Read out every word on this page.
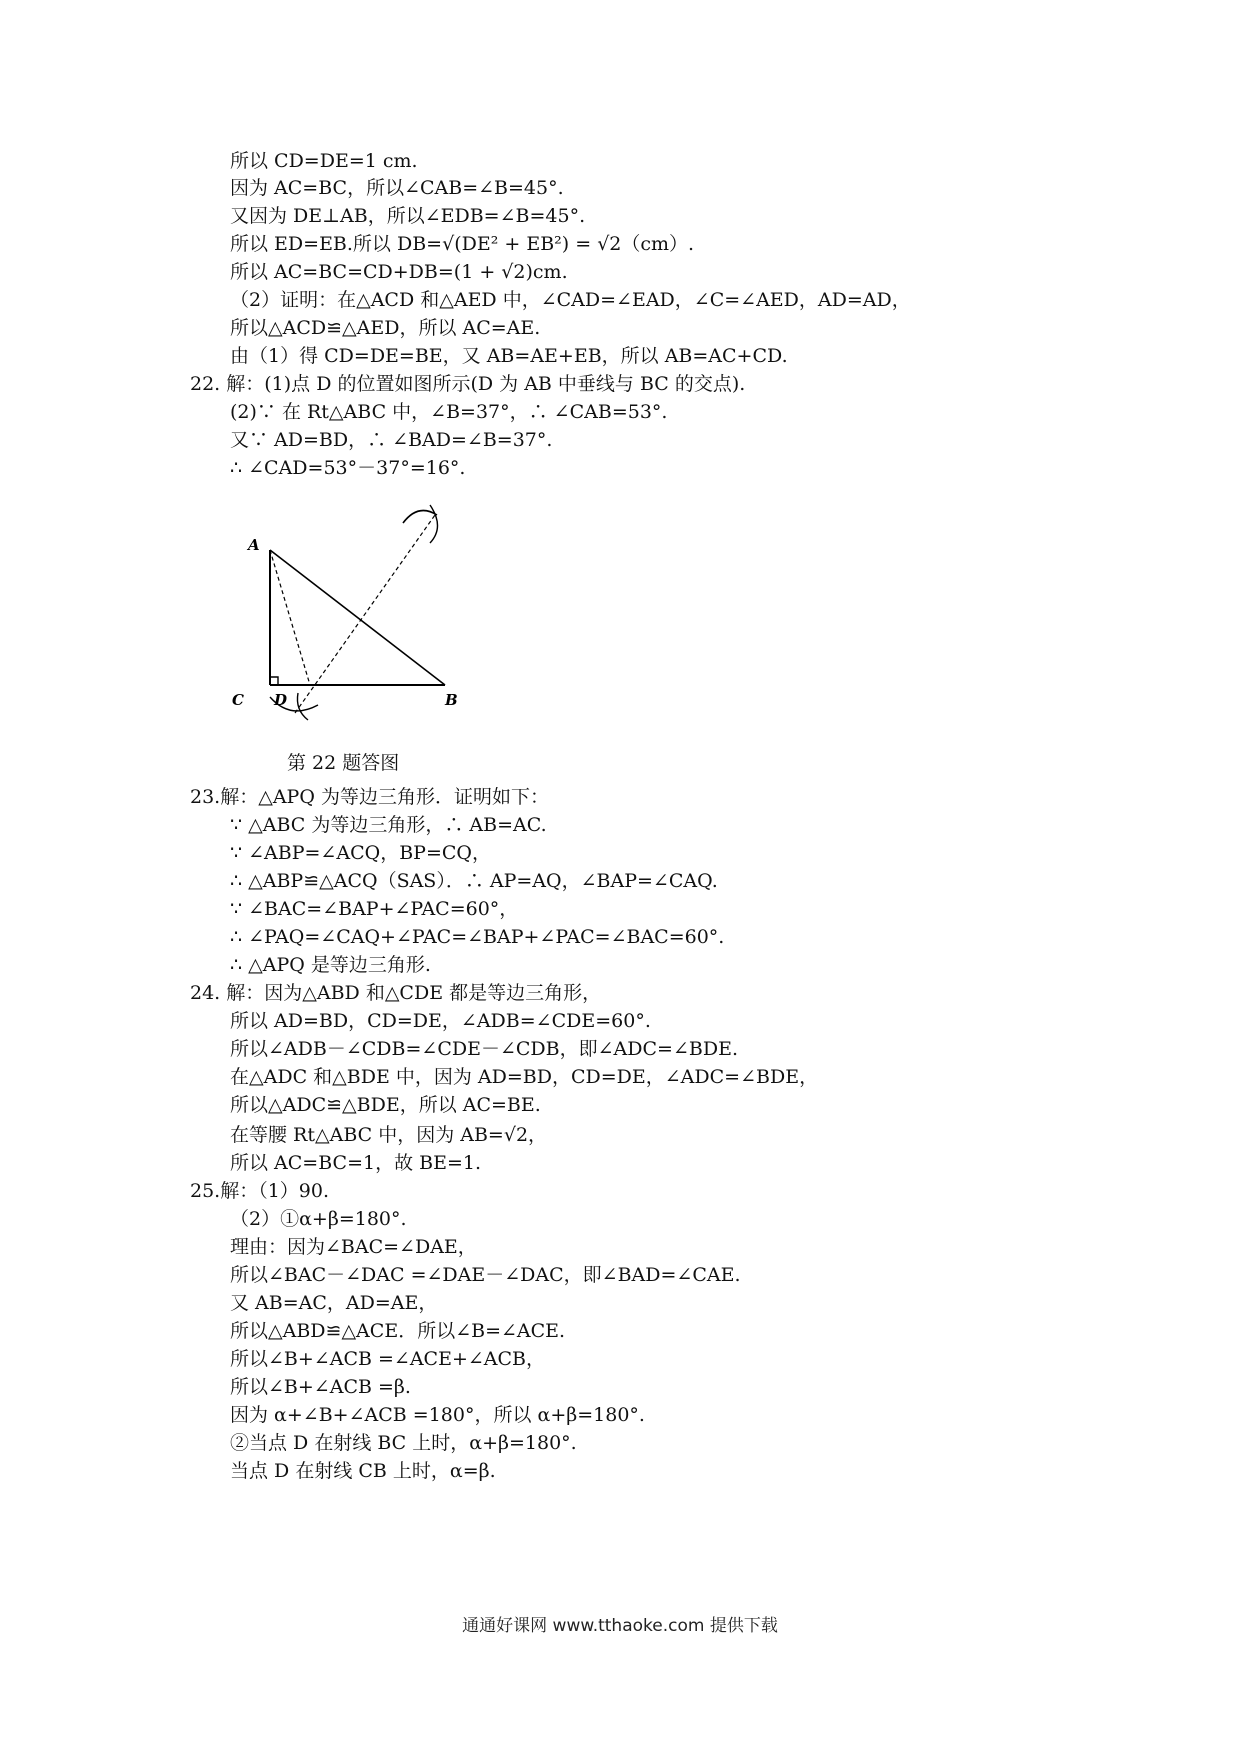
所以 CD=DE=1 cm.
因为 AC=BC，所以∠CAB=∠B=45°.
又因为 DE⊥AB，所以∠EDB=∠B=45°.
所以 ED=EB.所以 DB=√(DE² + EB²) = √2（cm）.
所以 AC=BC=CD+DB=(1 + √2)cm.
（2）证明：在△ACD 和△AED 中，∠CAD=∠EAD，∠C=∠AED，AD=AD，
所以△ACD≌△AED，所以 AC=AE.
由（1）得 CD=DE=BE，又 AB=AE+EB，所以 AB=AC+CD.
22. 解：(1)点 D 的位置如图所示(D 为 AB 中垂线与 BC 的交点).
(2)∵ 在 Rt△ABC 中，∠B=37°，∴ ∠CAB=53°.
又∵ AD=BD，∴ ∠BAD=∠B=37°.
∴ ∠CAD=53°－37°=16°.
A
C D	B
第 22 题答图
23.解：△APQ 为等边三角形．证明如下：
∵ △ABC 为等边三角形，∴ AB=AC.
∵ ∠ABP=∠ACQ，BP=CQ，
∴ △ABP≌△ACQ（SAS）．∴ AP=AQ，∠BAP=∠CAQ.
∵ ∠BAC=∠BAP+∠PAC=60°，
∴ ∠PAQ=∠CAQ+∠PAC=∠BAP+∠PAC=∠BAC=60°.
∴ △APQ 是等边三角形.
24. 解：因为△ABD 和△CDE 都是等边三角形，
所以 AD=BD，CD=DE，∠ADB=∠CDE=60°.
所以∠ADB－∠CDB=∠CDE－∠CDB，即∠ADC=∠BDE.
在△ADC 和△BDE 中，因为 AD=BD，CD=DE，∠ADC=∠BDE，
所以△ADC≌△BDE，所以 AC=BE.
在等腰 Rt△ABC 中，因为 AB=√2，
所以 AC=BC=1，故 BE=1.
25.解：（1）90.
（2）①α+β=180°.
理由：因为∠BAC=∠DAE，
所以∠BAC－∠DAC =∠DAE－∠DAC，即∠BAD=∠CAE.
又 AB=AC，AD=AE，
所以△ABD≌△ACE．所以∠B=∠ACE.
所以∠B+∠ACB =∠ACE+∠ACB，
所以∠B+∠ACB =β.
因为 α+∠B+∠ACB =180°，所以 α+β=180°.
②当点 D 在射线 BC 上时，α+β=180°.
当点 D 在射线 CB 上时，α=β.
通通好课网 www.tthaoke.com 提供下载
